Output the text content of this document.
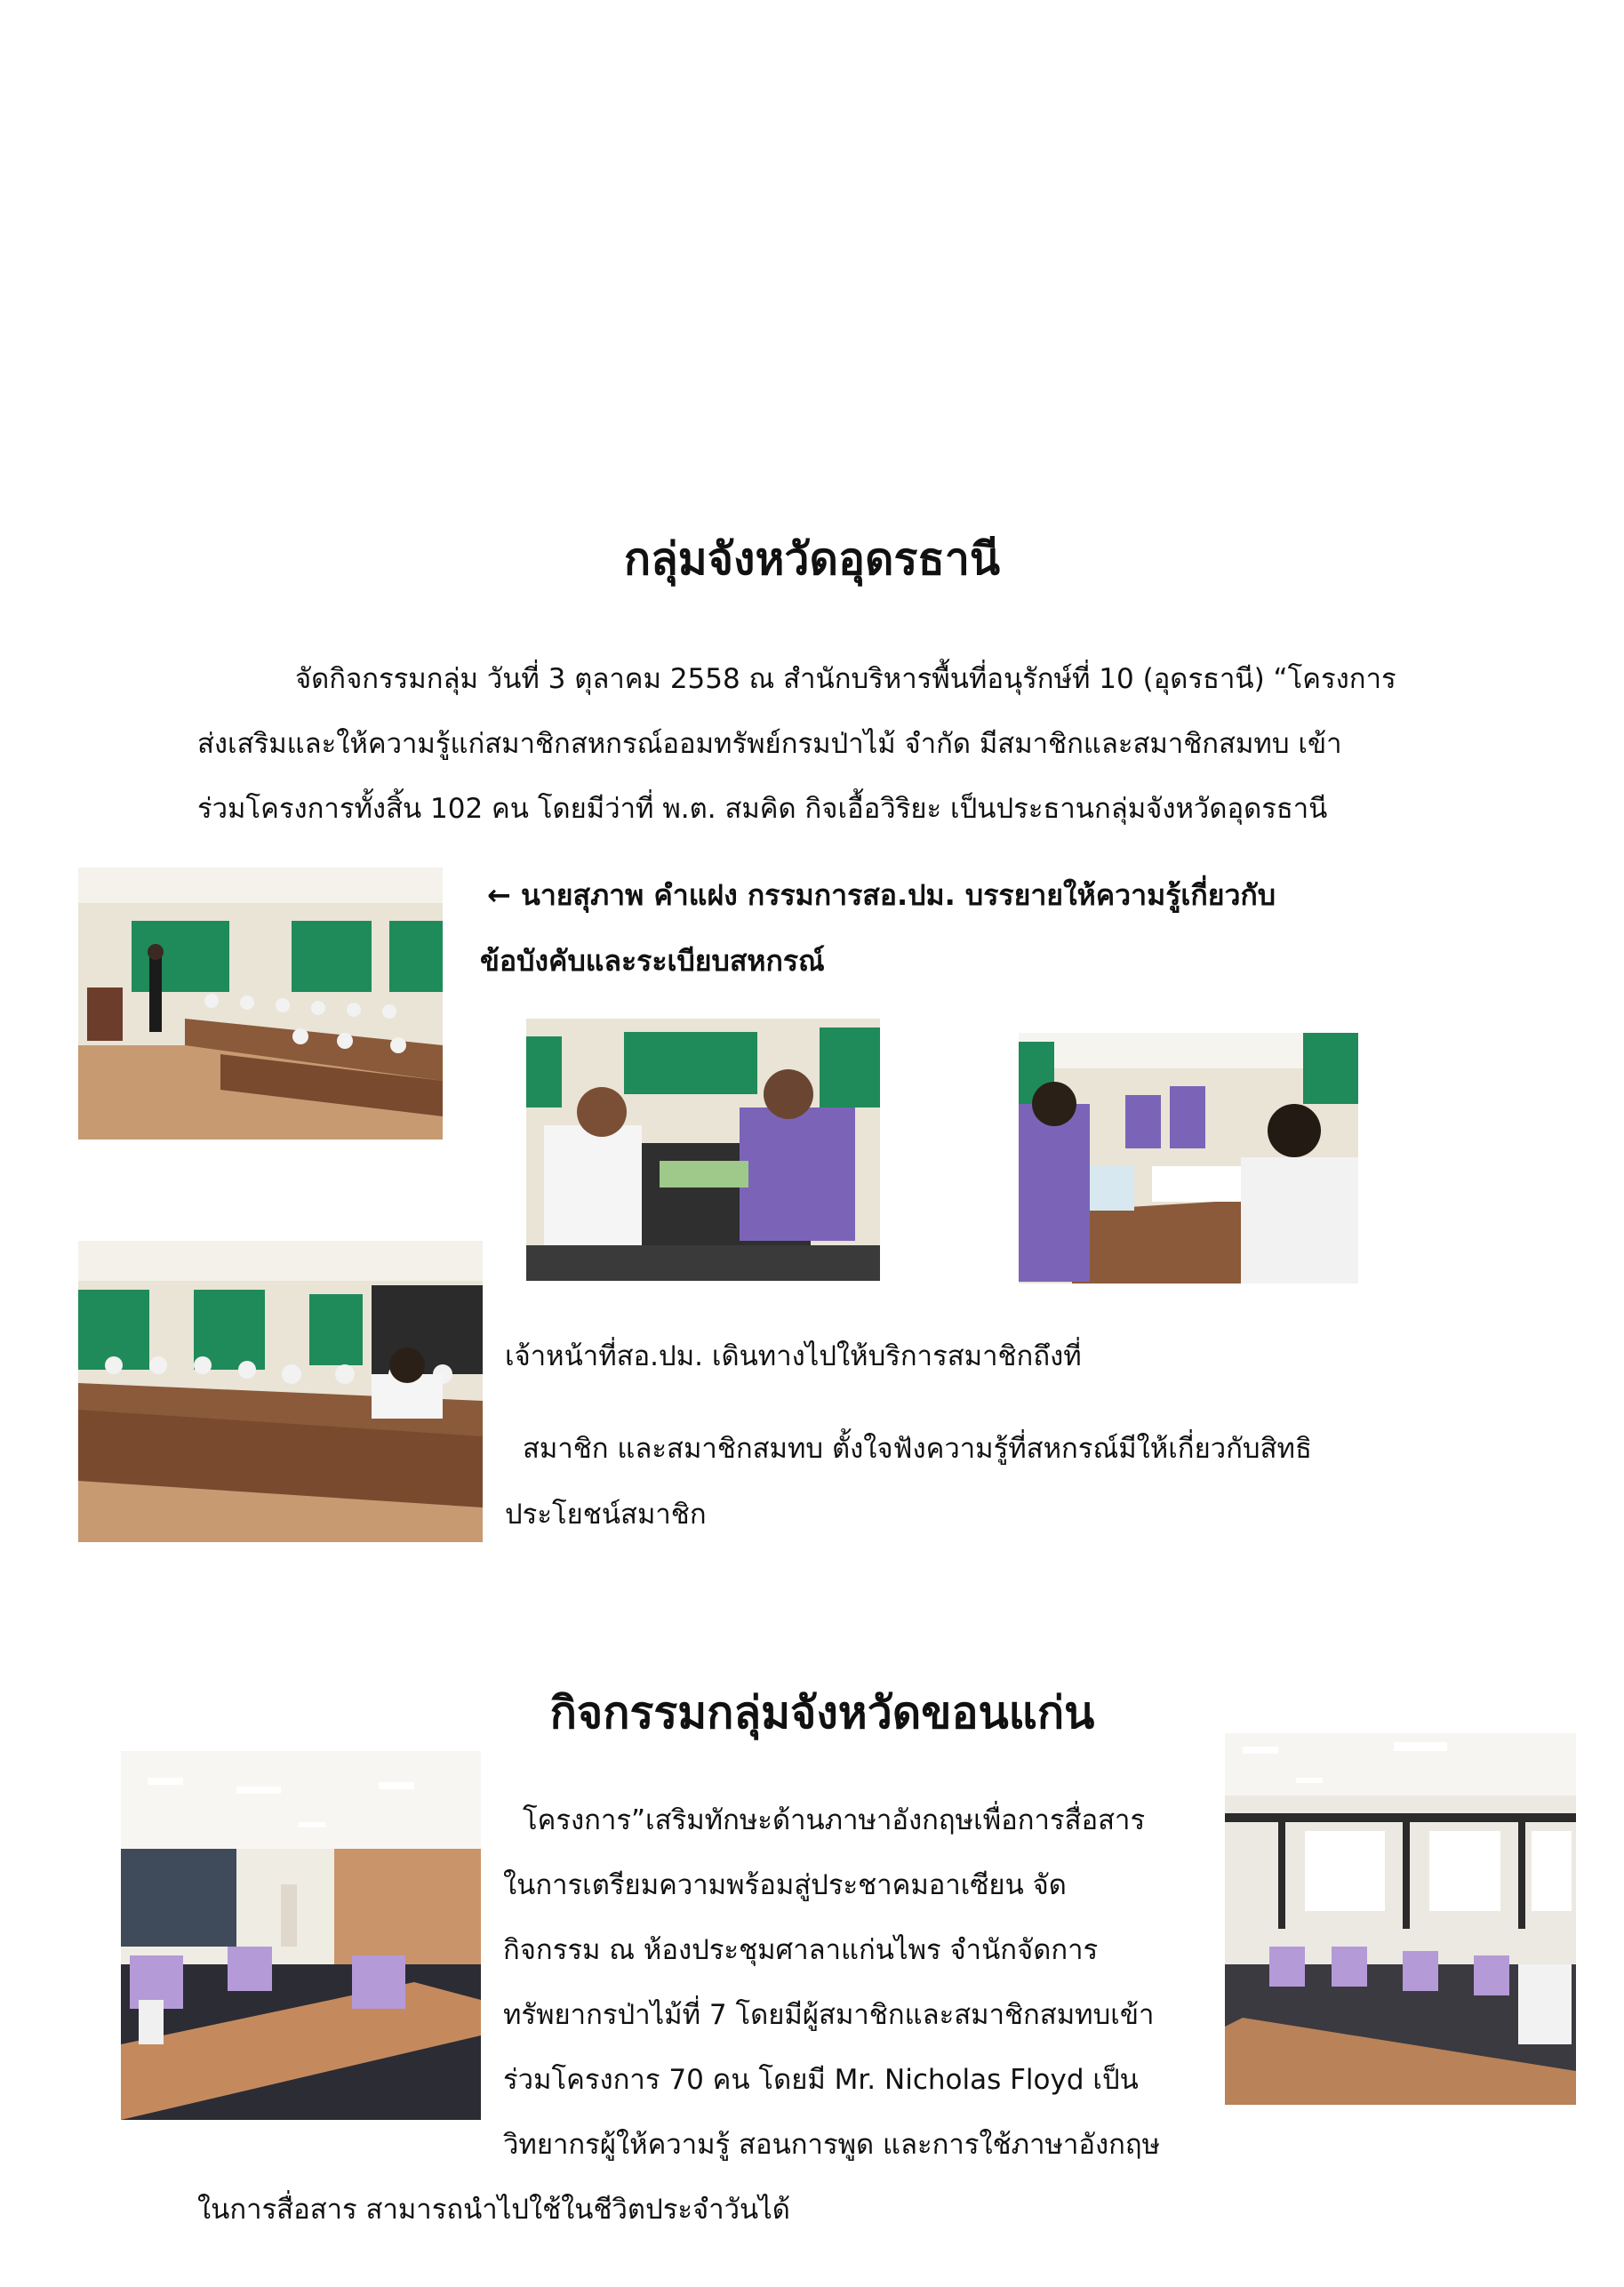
กลุ่มจังหวัดอุดรธานี

จัดกิจกรรมกลุ่ม วันที่ 3 ตุลาคม 2558 ณ สำนักบริหารพื้นที่อนุรักษ์ที่ 10 (อุดรธานี) “โครงการ

ส่งเสริมและให้ความรู้แก่สมาชิกสหกรณ์ออมทรัพย์กรมป่าไม้ จำกัด มีสมาชิกและสมาชิกสมทบ เข้า

ร่วมโครงการทั้งสิ้น 102 คน โดยมีว่าที่ พ.ต. สมคิด กิจเอื้อวิริยะ เป็นประธานกลุ่มจังหวัดอุดรธานี

← นายสุภาพ คำแฝง กรรมการสอ.ปม. บรรยายให้ความรู้เกี่ยวกับ
ข้อบังคับและระเบียบสหกรณ์
เจ้าหน้าที่สอ.ปม. เดินทางไปให้บริการสมาชิกถึงที่
สมาชิก และสมาชิกสมทบ ตั้งใจฟังความรู้ที่สหกรณ์มีให้เกี่ยวกับสิทธิ
ประโยชน์สมาชิก
กิจกรรมกลุ่มจังหวัดขอนแก่น

โครงการ”เสริมทักษะด้านภาษาอังกฤษเพื่อการสื่อสาร

ในการเตรียมความพร้อมสู่ประชาคมอาเซียน จัด

กิจกรรม ณ ห้องประชุมศาลาแก่นไพร จำนักจัดการ

ทรัพยากรป่าไม้ที่ 7 โดยมีผู้สมาชิกและสมาชิกสมทบเข้า

ร่วมโครงการ 70 คน โดยมี Mr. Nicholas Floyd เป็น

วิทยากรผู้ให้ความรู้ สอนการพูด และการใช้ภาษาอังกฤษ

ในการสื่อสาร สามารถนำไปใช้ในชีวิตประจำวันได้
